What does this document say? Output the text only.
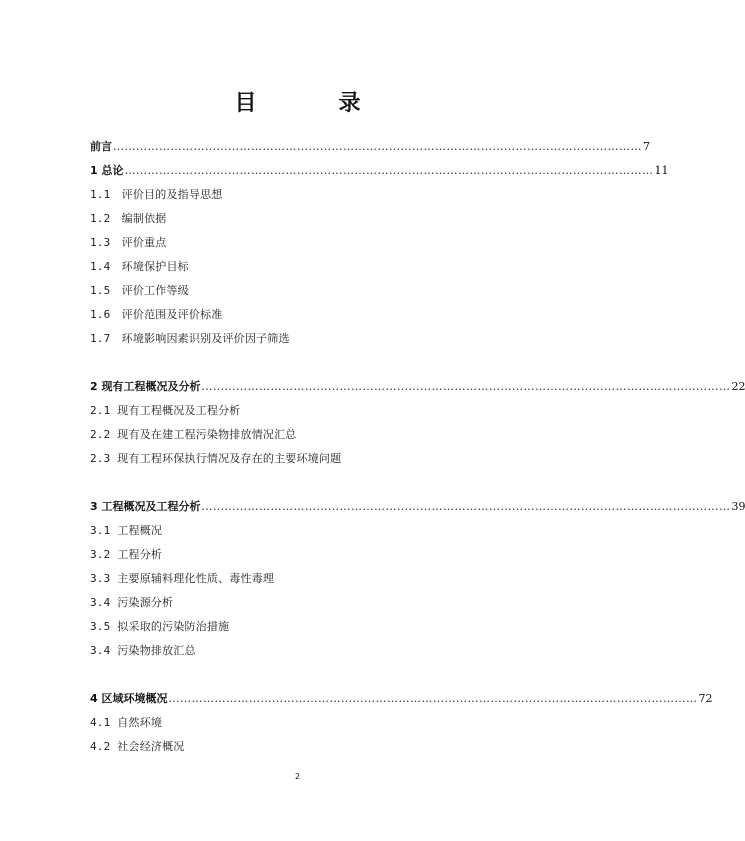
目　录
前言 ………………………………………………………………………………………………………………………… 7
1 总论 ………………………………………………………………………………………………………………………… 11
1.1　评价目的及指导思想
1.2　编制依据
1.3　评价重点
1.4　环境保护目标
1.5　评价工作等级
1.6　评价范围及评价标准
1.7　环境影响因素识别及评价因子筛选
2 现有工程概况及分析 ………………………………………………………………………………………………………………………… 22
2.1 现有工程概况及工程分析
2.2 现有及在建工程污染物排放情况汇总
2.3 现有工程环保执行情况及存在的主要环境问题
3 工程概况及工程分析 ………………………………………………………………………………………………………………………… 39
3.1 工程概况
3.2 工程分析
3.3 主要原辅料理化性质、毒性毒理
3.4 污染源分析
3.5 拟采取的污染防治措施
3.4 污染物排放汇总
4 区域环境概况 ………………………………………………………………………………………………………………………… 72
4.1 自然环境
4.2 社会经济概况
2
